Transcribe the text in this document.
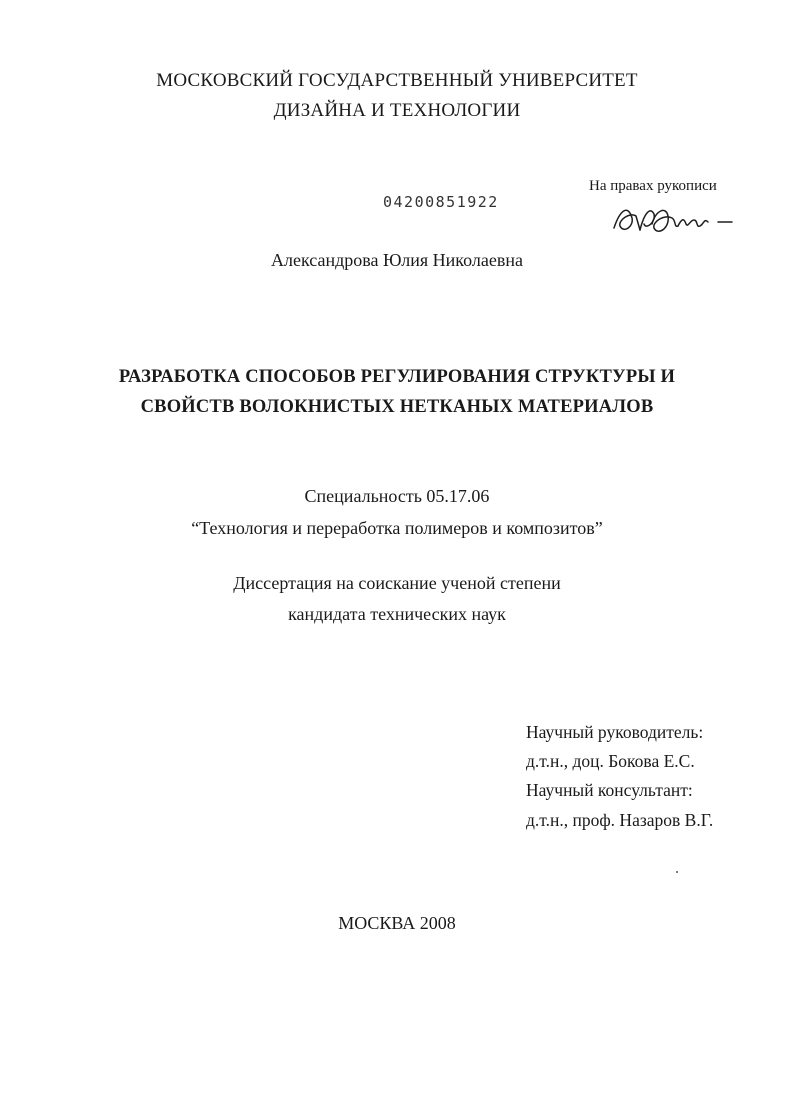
МОСКОВСКИЙ ГОСУДАРСТВЕННЫЙ УНИВЕРСИТЕТ
ДИЗАЙНА И ТЕХНОЛОГИИ
На правах рукописи
04200851922
Александрова Юлия Николаевна
РАЗРАБОТКА СПОСОБОВ РЕГУЛИРОВАНИЯ СТРУКТУРЫ И
СВОЙСТВ ВОЛОКНИСТЫХ НЕТКАНЫХ МАТЕРИАЛОВ
Специальность 05.17.06
“Технология и переработка полимеров и композитов”
Диссертация на соискание ученой степени
кандидата технических наук
Научный руководитель:
д.т.н., доц. Бокова Е.С.
Научный консультант:
д.т.н., проф. Назаров В.Г.
МОСКВА 2008
